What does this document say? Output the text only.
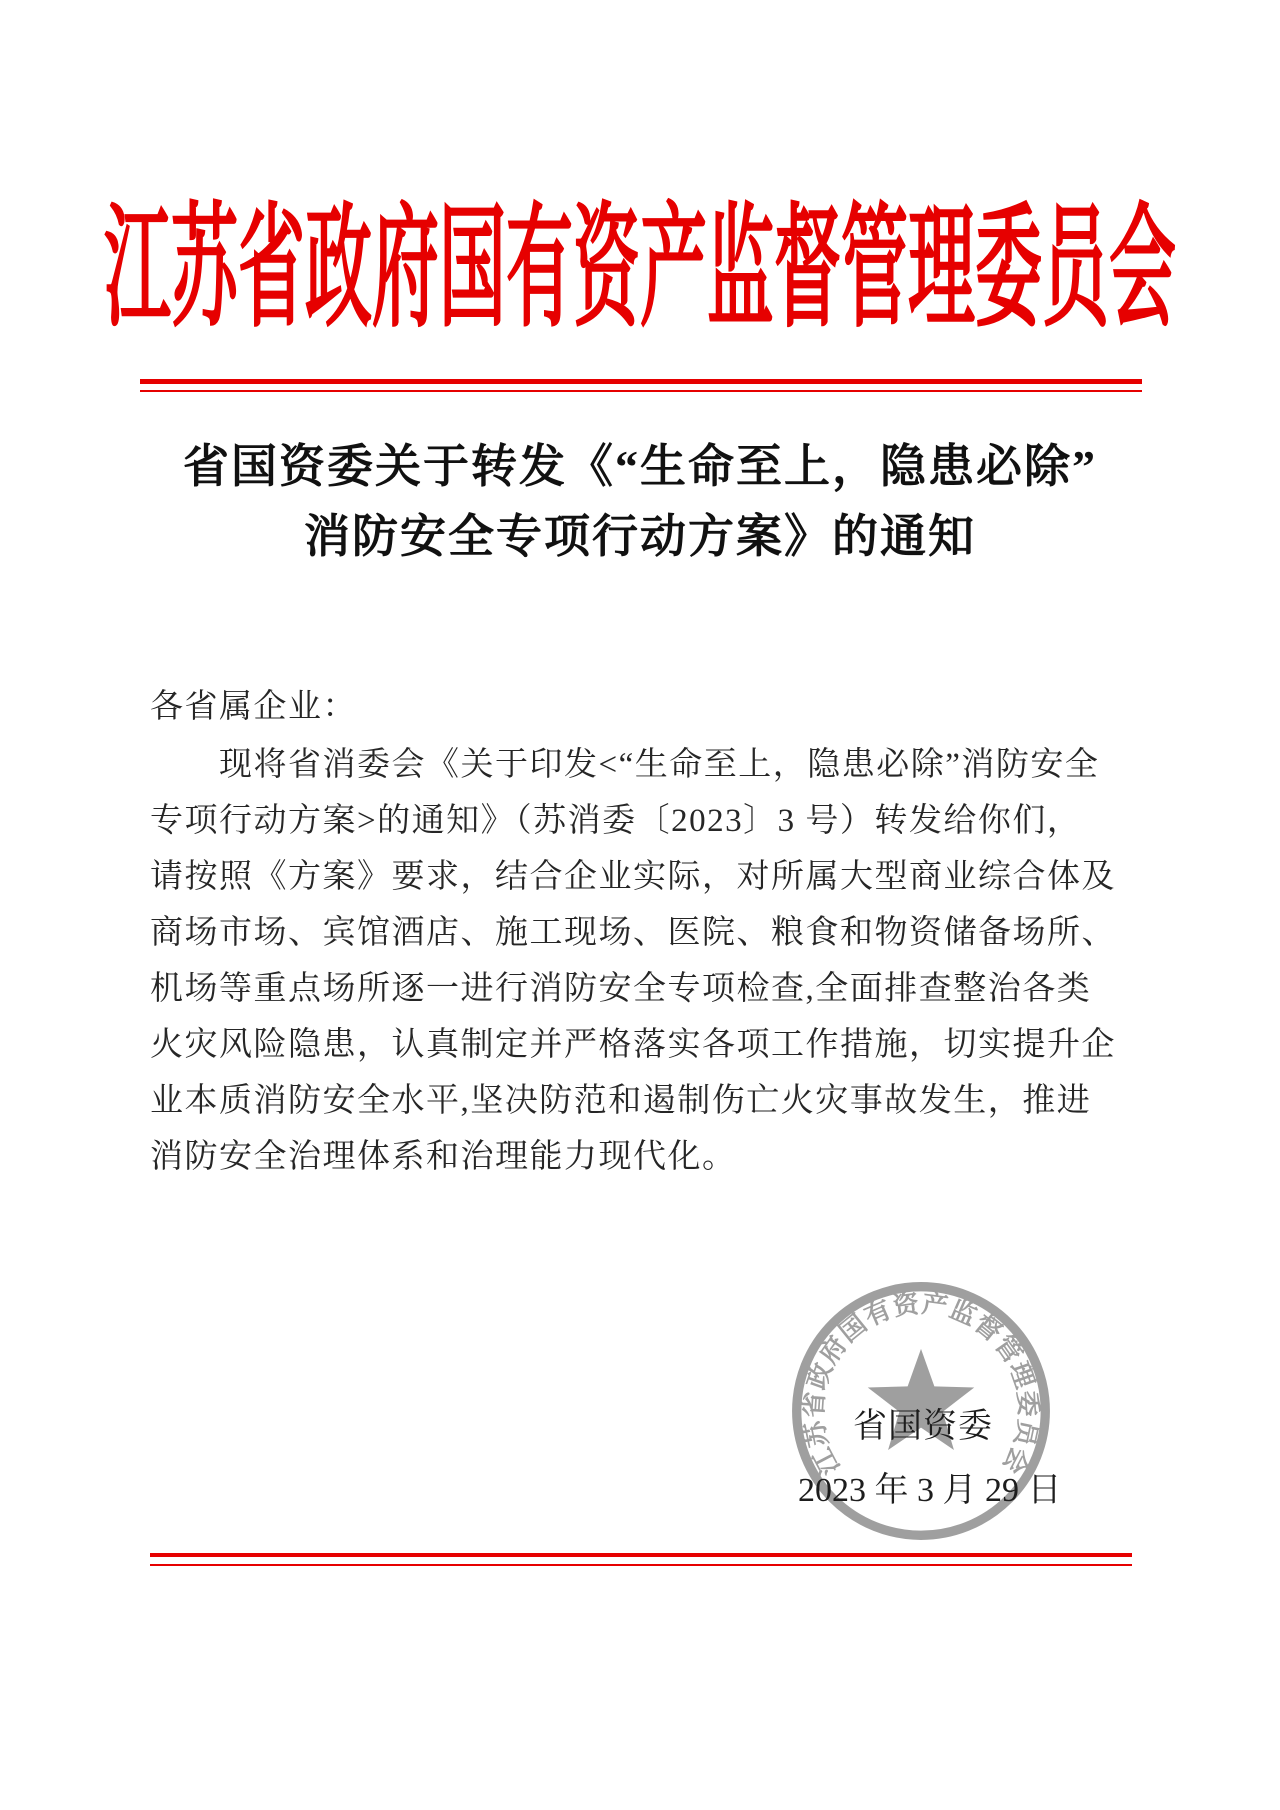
江苏省政府国有资产监督管理委员会
省国资委关于转发《“生命至上，隐患必除”
消防安全专项行动方案》的通知
各省属企业：
　　现将省消委会《关于印发<“生命至上，隐患必除”消防安全
专项行动方案>的通知》（苏消委〔2023〕3 号）转发给你们，
请按照《方案》要求，结合企业实际，对所属大型商业综合体及
商场市场、宾馆酒店、施工现场、医院、粮食和物资储备场所、
机场等重点场所逐一进行消防安全专项检查,全面排查整治各类
火灾风险隐患，认真制定并严格落实各项工作措施，切实提升企
业本质消防安全水平,坚决防范和遏制伤亡火灾事故发生，推进
消防安全治理体系和治理能力现代化。
江苏省政府国有资产监督管理委员会
省国资委
2023 年 3 月 29 日
